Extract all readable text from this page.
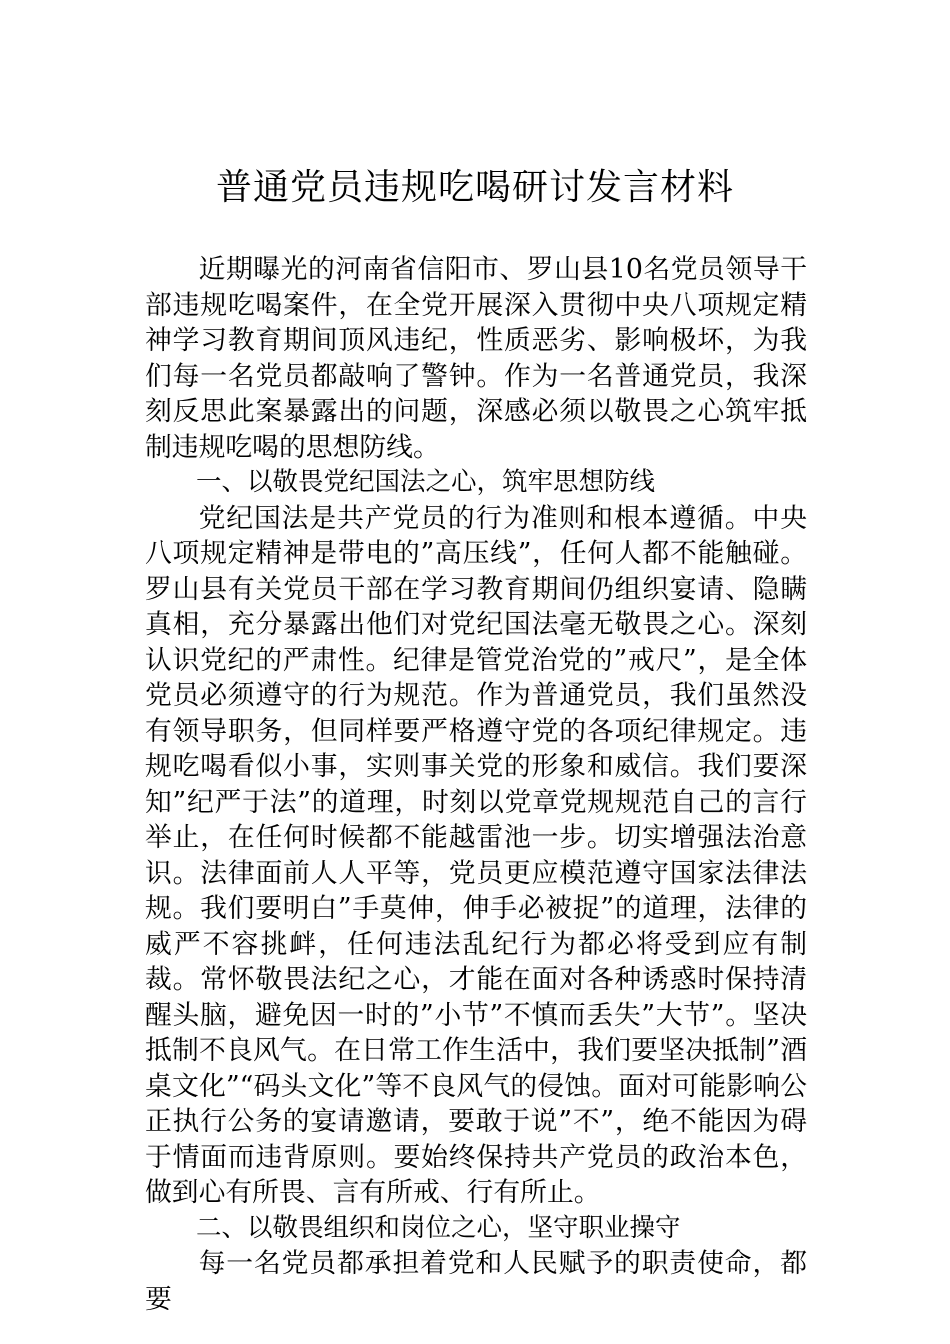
普通党员违规吃喝研讨发言材料

近期曝光的河南省信阳市、罗山县10名党员领导干部违规吃喝案件，在全党开展深入贯彻中央八项规定精神学习教育期间顶风违纪，性质恶劣、影响极坏，为我们每一名党员都敲响了警钟。作为一名普通党员，我深刻反思此案暴露出的问题，深感必须以敬畏之心筑牢抵制违规吃喝的思想防线。

一、以敬畏党纪国法之心，筑牢思想防线

党纪国法是共产党员的行为准则和根本遵循。中央八项规定精神是带电的”高压线”，任何人都不能触碰。罗山县有关党员干部在学习教育期间仍组织宴请、隐瞒真相，充分暴露出他们对党纪国法毫无敬畏之心。深刻认识党纪的严肃性。纪律是管党治党的”戒尺”，是全体党员必须遵守的行为规范。作为普通党员，我们虽然没有领导职务，但同样要严格遵守党的各项纪律规定。违规吃喝看似小事，实则事关党的形象和威信。我们要深知”纪严于法”的道理，时刻以党章党规规范自己的言行举止，在任何时候都不能越雷池一步。切实增强法治意识。法律面前人人平等，党员更应模范遵守国家法律法规。我们要明白”手莫伸，伸手必被捉”的道理，法律的威严不容挑衅，任何违法乱纪行为都必将受到应有制裁。常怀敬畏法纪之心，才能在面对各种诱惑时保持清醒头脑，避免因一时的”小节”不慎而丢失”大节”。坚决抵制不良风气。在日常工作生活中，我们要坚决抵制”酒桌文化”“码头文化”等不良风气的侵蚀。面对可能影响公正执行公务的宴请邀请，要敢于说”不”，绝不能因为碍于情面而违背原则。要始终保持共产党员的政治本色，做到心有所畏、言有所戒、行有所止。

二、以敬畏组织和岗位之心，坚守职业操守

每一名党员都承担着党和人民赋予的职责使命，都要
